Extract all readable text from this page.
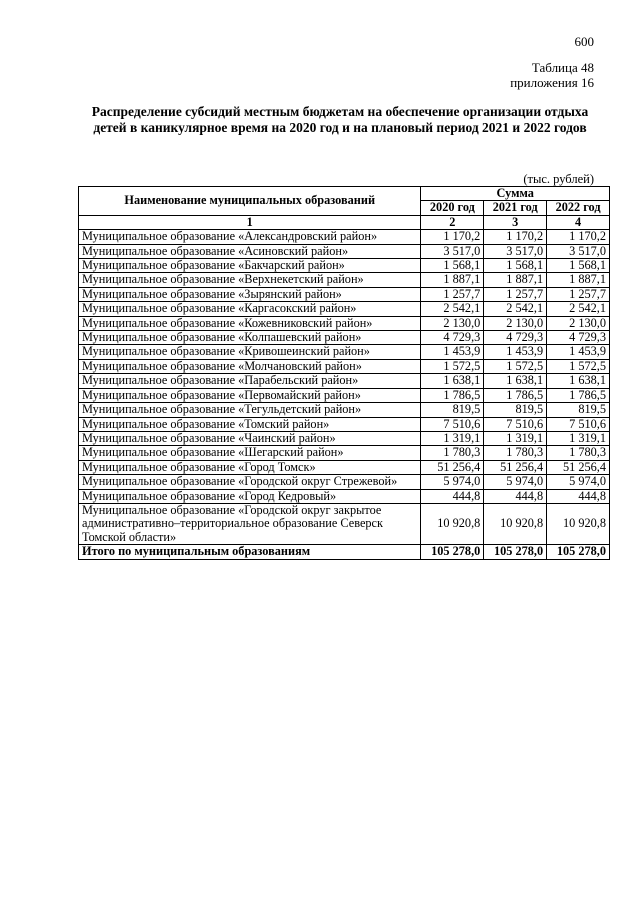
600
Таблица 48
приложения 16
Распределение субсидий местным бюджетам на обеспечение организации отдыха детей в каникулярное время на 2020 год и на плановый период 2021 и 2022 годов
(тыс. рублей)
Наименование муниципальных образований	Сумма		
	2020 год	2021 год	2022 год
1	2	3	4
Муниципальное образование «Александровский район»	1 170,2	1 170,2	1 170,2
Муниципальное образование «Асиновский район»	3 517,0	3 517,0	3 517,0
Муниципальное образование «Бакчарский район»	1 568,1	1 568,1	1 568,1
Муниципальное образование «Верхнекетский район»	1 887,1	1 887,1	1 887,1
Муниципальное образование «Зырянский район»	1 257,7	1 257,7	1 257,7
Муниципальное образование «Каргасокский район»	2 542,1	2 542,1	2 542,1
Муниципальное образование «Кожевниковский район»	2 130,0	2 130,0	2 130,0
Муниципальное образование «Колпашевский район»	4 729,3	4 729,3	4 729,3
Муниципальное образование «Кривошеинский район»	1 453,9	1 453,9	1 453,9
Муниципальное образование «Молчановский район»	1 572,5	1 572,5	1 572,5
Муниципальное образование «Парабельский район»	1 638,1	1 638,1	1 638,1
Муниципальное образование «Первомайский район»	1 786,5	1 786,5	1 786,5
Муниципальное образование «Тегульдетский район»	819,5	819,5	819,5
Муниципальное образование «Томский район»	7 510,6	7 510,6	7 510,6
Муниципальное образование «Чаинский район»	1 319,1	1 319,1	1 319,1
Муниципальное образование «Шегарский район»	1 780,3	1 780,3	1 780,3
Муниципальное образование «Город Томск»	51 256,4	51 256,4	51 256,4
Муниципальное образование «Городской округ Стрежевой»	5 974,0	5 974,0	5 974,0
Муниципальное образование «Город Кедровый»	444,8	444,8	444,8
Муниципальное образование «Городской округ закрытое административно–территориальное образование Северск Томской области»	10 920,8	10 920,8	10 920,8
Итого по муниципальным образованиям	105 278,0	105 278,0	105 278,0
